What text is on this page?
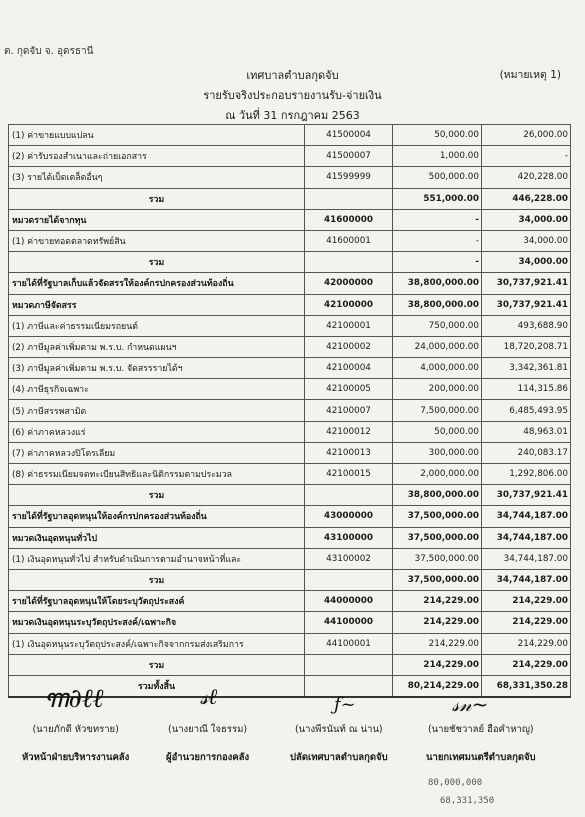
ต. กุดจับ จ. อุดรธานี
เทศบาลตำบลกุดจับ	(หมายเหตุ 1)
รายรับจริงประกอบรายงานรับ-จ่ายเงิน
ณ วันที่ 31 กรกฎาคม 2563
(1) ค่าขายแบบแปลน	41500004	50,000.00	26,000.00
(2) ค่ารับรองสำเนาและถ่ายเอกสาร	41500007	1,000.00	-
(3) รายได้เบ็ดเตล็ดอื่นๆ	41599999	500,000.00	420,228.00
รวม		551,000.00	446,228.00
หมวดรายได้จากทุน	41600000	-	34,000.00
(1) ค่าขายทอดตลาดทรัพย์สิน	41600001	-	34,000.00
รวม		-	34,000.00
รายได้ที่รัฐบาลเก็บแล้วจัดสรรให้องค์กรปกครองส่วนท้องถิ่น	42000000	38,800,000.00	30,737,921.41
หมวดภาษีจัดสรร	42100000	38,800,000.00	30,737,921.41
(1) ภาษีและค่าธรรมเนียมรถยนต์	42100001	750,000.00	493,688.90
(2) ภาษีมูลค่าเพิ่มตาม พ.ร.บ. กำหนดแผนฯ	42100002	24,000,000.00	18,720,208.71
(3) ภาษีมูลค่าเพิ่มตาม พ.ร.บ. จัดสรรรายได้ฯ	42100004	4,000,000.00	3,342,361.81
(4) ภาษีธุรกิจเฉพาะ	42100005	200,000.00	114,315.86
(5) ภาษีสรรพสามิต	42100007	7,500,000.00	6,485,493.95
(6) ค่าภาคหลวงแร่	42100012	50,000.00	48,963.01
(7) ค่าภาคหลวงปิโตรเลียม	42100013	300,000.00	240,083.17
(8) ค่าธรรมเนียมจดทะเบียนสิทธิและนิติกรรมตามประมวล	42100015	2,000,000.00	1,292,806.00
รวม		38,800,000.00	30,737,921.41
รายได้ที่รัฐบาลอุดหนุนให้องค์กรปกครองส่วนท้องถิ่น	43000000	37,500,000.00	34,744,187.00
หมวดเงินอุดหนุนทั่วไป	43100000	37,500,000.00	34,744,187.00
(1) เงินอุดหนุนทั่วไป สำหรับดำเนินการตามอำนาจหน้าที่และ	43100002	37,500,000.00	34,744,187.00
รวม		37,500,000.00	34,744,187.00
รายได้ที่รัฐบาลอุดหนุนให้โดยระบุวัตถุประสงค์	44000000	214,229.00	214,229.00
หมวดเงินอุดหนุนระบุวัตถุประสงค์/เฉพาะกิจ	44100000	214,229.00	214,229.00
(1) เงินอุดหนุนระบุวัตถุประสงค์/เฉพาะกิจจากกรมส่งเสริมการ	44100001	214,229.00	214,229.00
รวม		214,229.00	214,229.00
รวมทั้งสิ้น		80,214,229.00	68,331,350.28
ꦒ∂ℓℓ	𝓈ℓ	ƒ~	𝓈𝓃~
(นายภักดี หัวขทราย)
หัวหน้าฝ่ายบริหารงานคลัง
(นางยาณี ใจธรรม)
ผู้อำนวยการกองคลัง
(นางพีรนันท์ ณ น่าน)
ปลัดเทศบาลตำบลกุดจับ
(นายชัชวาลย์ ฮือคำหาญู)
นายกเทศมนตรีตำบลกุดจับ
80,000,000
68,331,350
